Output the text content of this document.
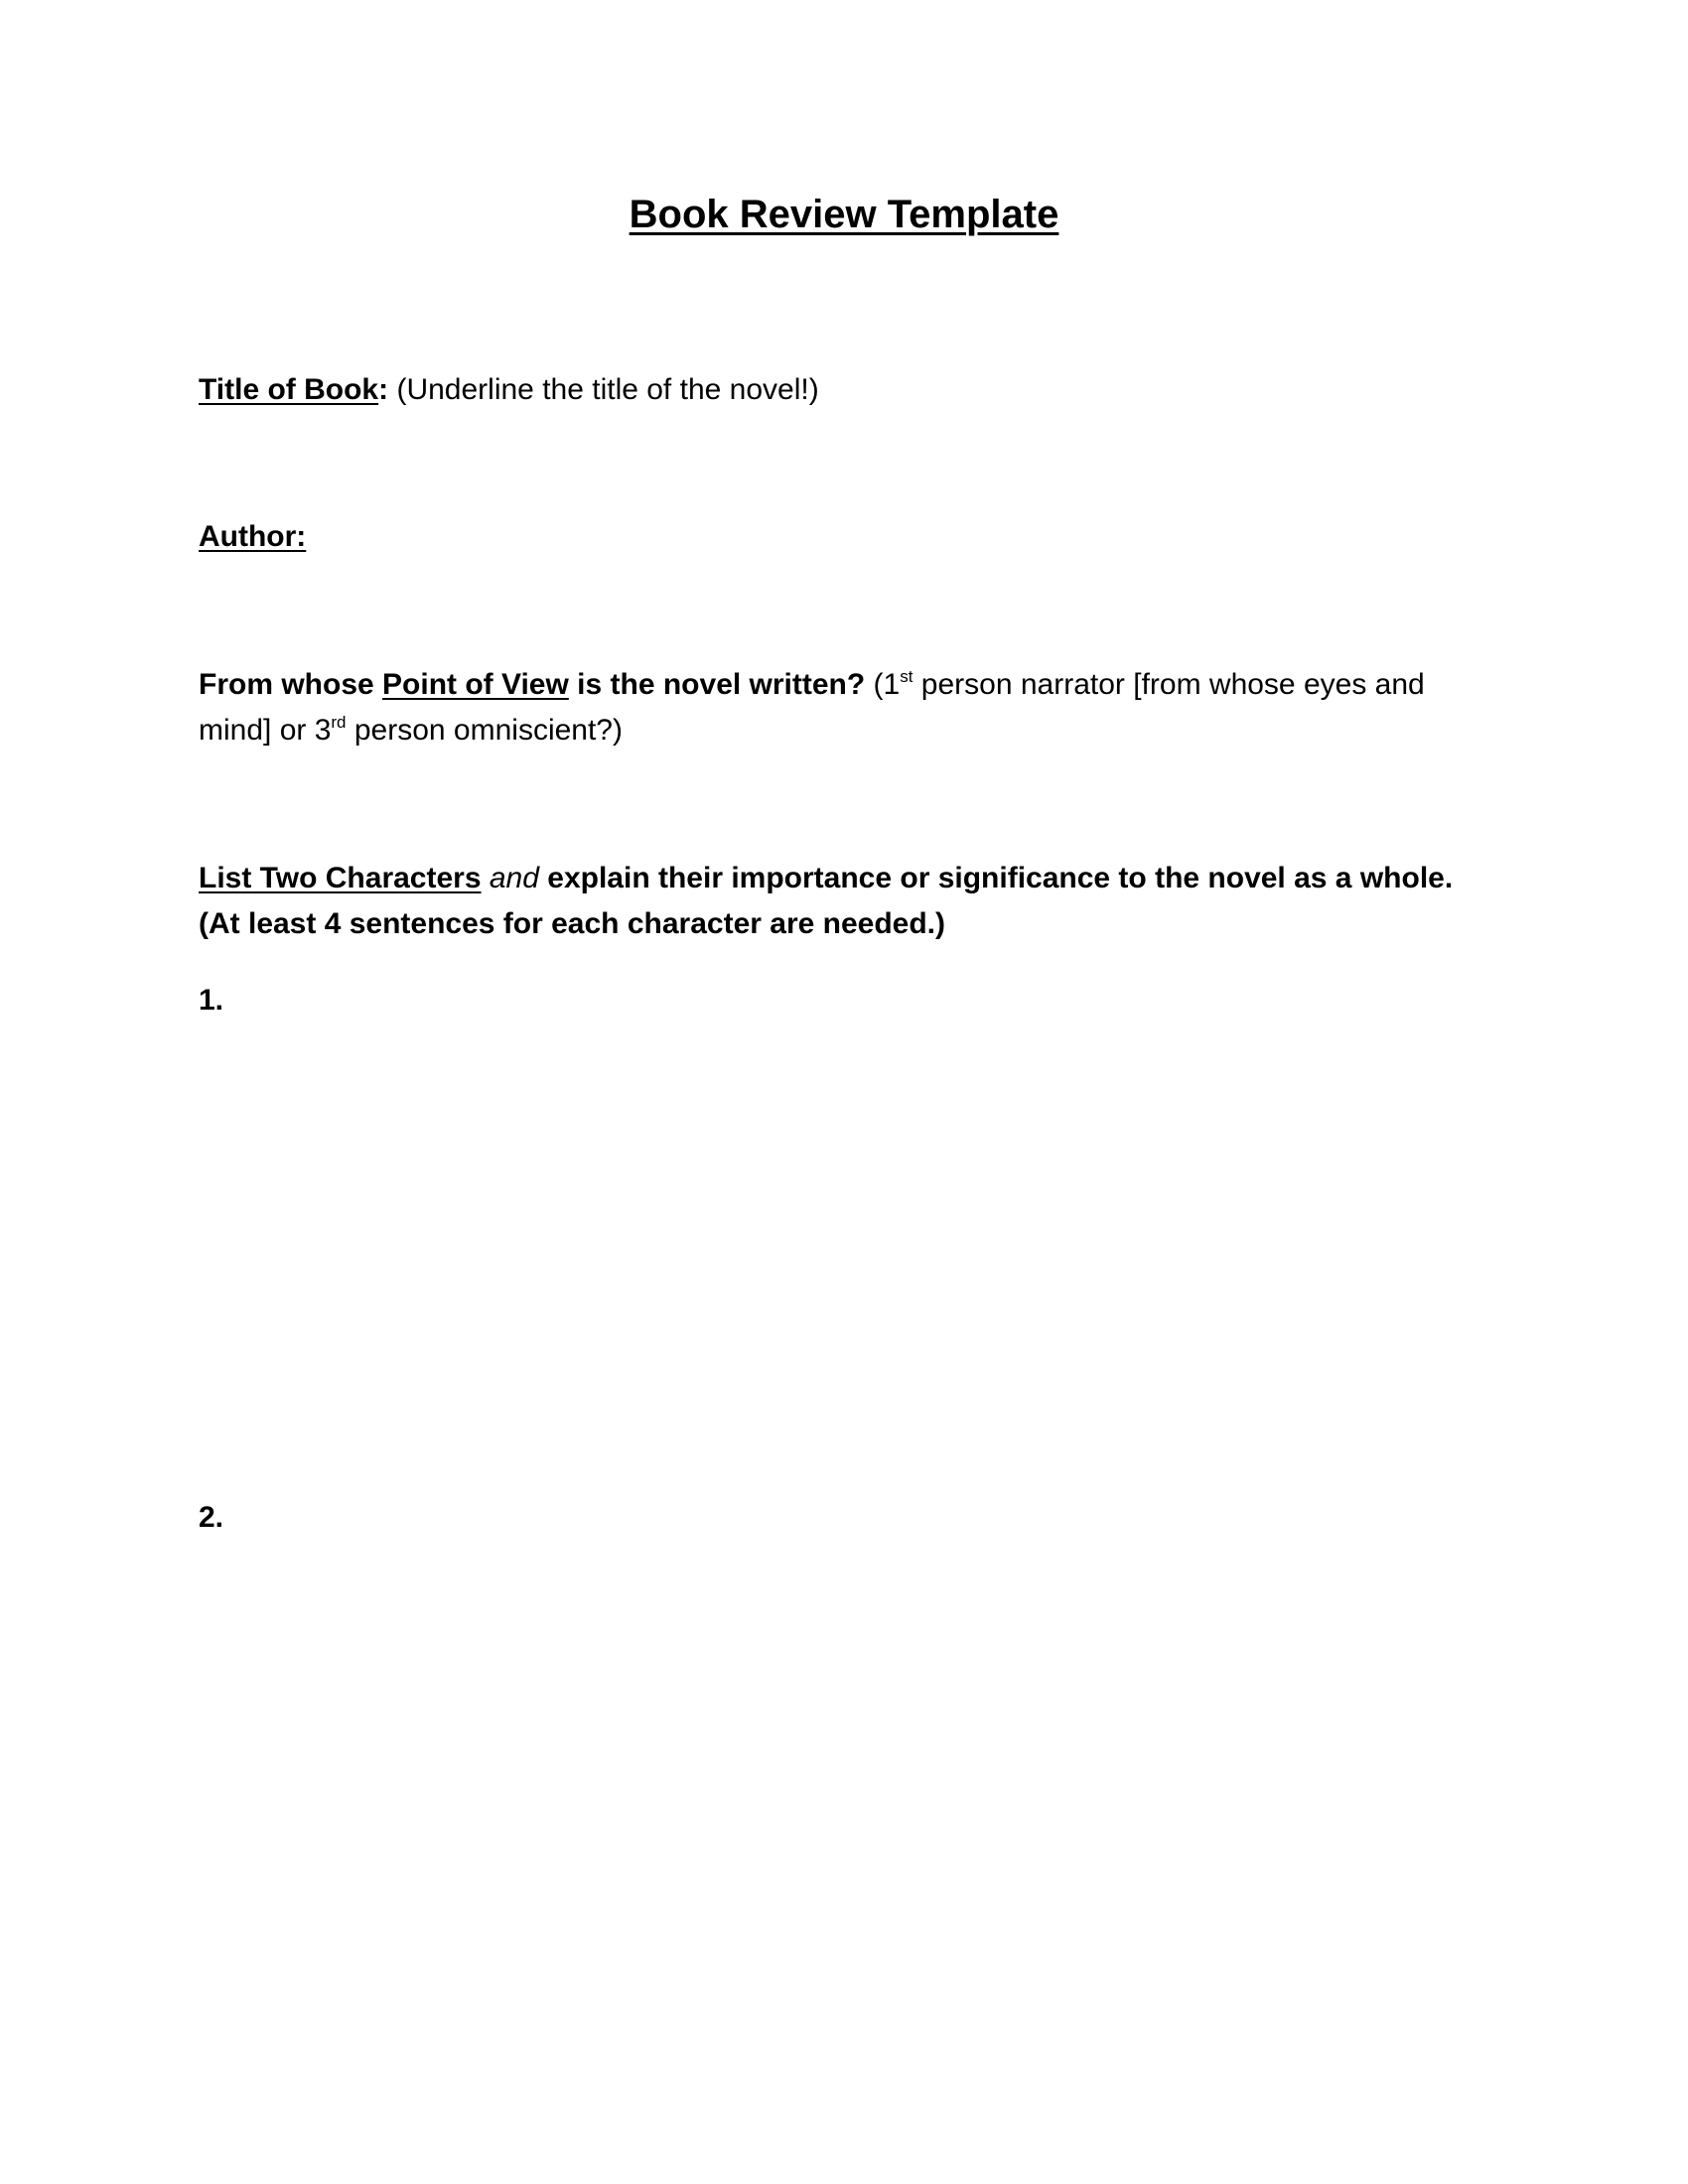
Book Review Template
Title of Book: (Underline the title of the novel!)
Author:
From whose Point of View is the novel written? (1st person narrator [from whose eyes and mind] or 3rd person omniscient?)
List Two Characters and explain their importance or significance to the novel as a whole. (At least 4 sentences for each character are needed.)
1.
2.
